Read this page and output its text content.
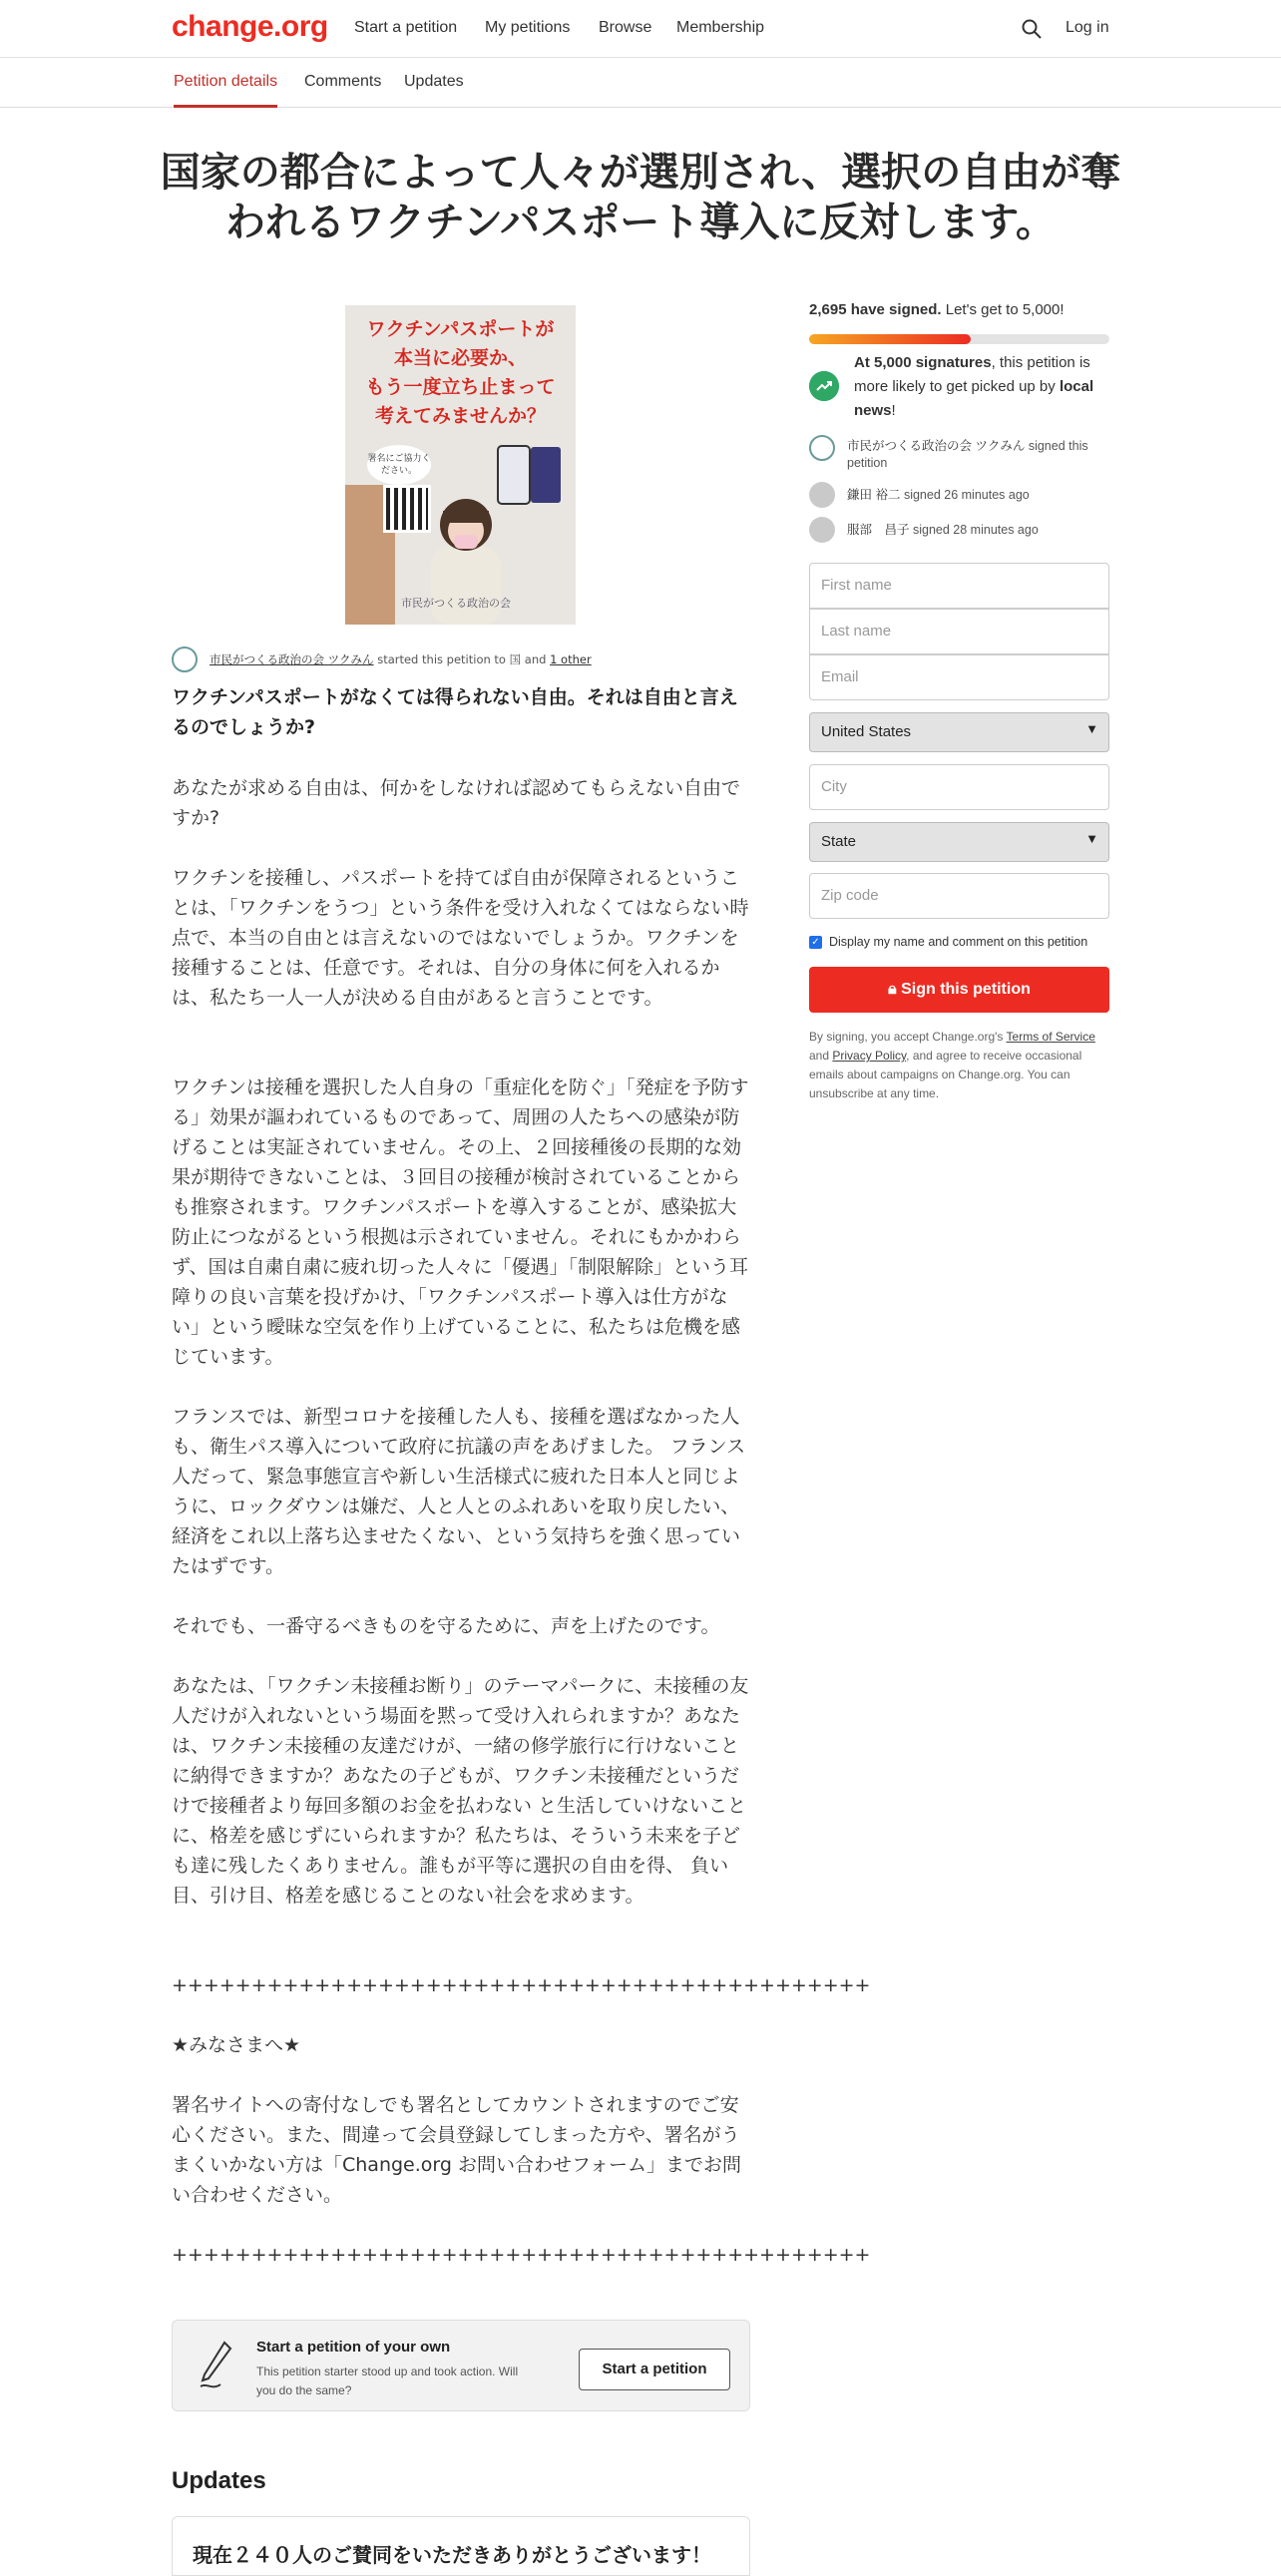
change.org Start a petition My petitions Browse Membership	Log in
Petition details Comments Updates
国家の都合によって人々が選別され、選択の自由が奪われるワクチンパスポート導入に反対します。
ワクチンパスポートが
本当に必要か、
もう一度立ち止まって
考えてみませんか？
署名にご協力ください。
市民がつくる政治の会
市民がつくる政治の会 ツクみん started this petition to 国 and 1 other
ワクチンパスポートがなくては得られない自由。それは自由と言えるのでしょうか?
あなたが求める自由は、何かをしなければ認めてもらえない自由ですか?
ワクチンを接種し、パスポートを持てば自由が保障されるということは、「ワクチンをうつ」という条件を受け入れなくてはならない時点で、本当の自由とは言えないのではないでしょうか。ワクチンを接種することは、任意です。それは、自分の身体に何を入れるかは、私たち一人一人が決める自由があると言うことです。
ワクチンは接種を選択した人自身の「重症化を防ぐ」「発症を予防する」効果が謳われているものであって、周囲の人たちへの感染が防げることは実証されていません。その上、２回接種後の長期的な効果が期待できないことは、３回目の接種が検討されていることからも推察されます。ワクチンパスポートを導入することが、感染拡大防止につながるという根拠は示されていません。それにもかかわらず、国は自粛自粛に疲れ切った人々に「優遇」「制限解除」という耳障りの良い言葉を投げかけ、「ワクチンパスポート導入は仕方がない」という曖昧な空気を作り上げていることに、私たちは危機を感じています。
フランスでは、新型コロナを接種した人も、接種を選ばなかった人も、衛生パス導入について政府に抗議の声をあげました。 フランス人だって、緊急事態宣言や新しい生活様式に疲れた日本人と同じように、ロックダウンは嫌だ、人と人とのふれあいを取り戻したい、経済をこれ以上落ち込ませたくない、という気持ちを強く思っていたはずです。
それでも、一番守るべきものを守るために、声を上げたのです。
あなたは、「ワクチン未接種お断り」のテーマパークに、未接種の友人だけが入れないという場面を黙って受け入れられますか？あなたは、ワクチン未接種の友達だけが、一緒の修学旅行に行けないことに納得できますか？あなたの子どもが、ワクチン未接種だというだけで接種者より毎回多額のお金を払わない と生活していけないことに、格差を感じずにいられますか？私たちは、そういう未来を子ども達に残したくありません。誰もが平等に選択の自由を得、 負い目、引け目、格差を感じることのない社会を求めます。
++++++++++++++++++++++++++++++++++++++++++++
★みなさまへ★
署名サイトへの寄付なしでも署名としてカウントされますのでご安心ください。また、間違って会員登録してしまった方や、署名がうまくいかない方は「Change.org お問い合わせフォーム」までお問い合わせください。
++++++++++++++++++++++++++++++++++++++++++++
2,695 have signed. Let's get to 5,000!
At 5,000 signatures, this petition is more likely to get picked up by local news!
市民がつくる政治の会 ツクみん signed this petition
鎌田 裕二 signed 26 minutes ago
服部　昌子 signed 28 minutes ago
First name
Last name
Email
United States	▼
City
State	▼
Zip code
✓ Display my name and comment on this petition
🔒︎ Sign this petition
By signing, you accept Change.org's Terms of Service and Privacy Policy, and agree to receive occasional emails about campaigns on Change.org. You can unsubscribe at any time.
Start a petition of your own
This petition starter stood up and took action. Will you do the same?
Start a petition
Updates
現在２４０人のご賛同をいただきありがとうございます！
